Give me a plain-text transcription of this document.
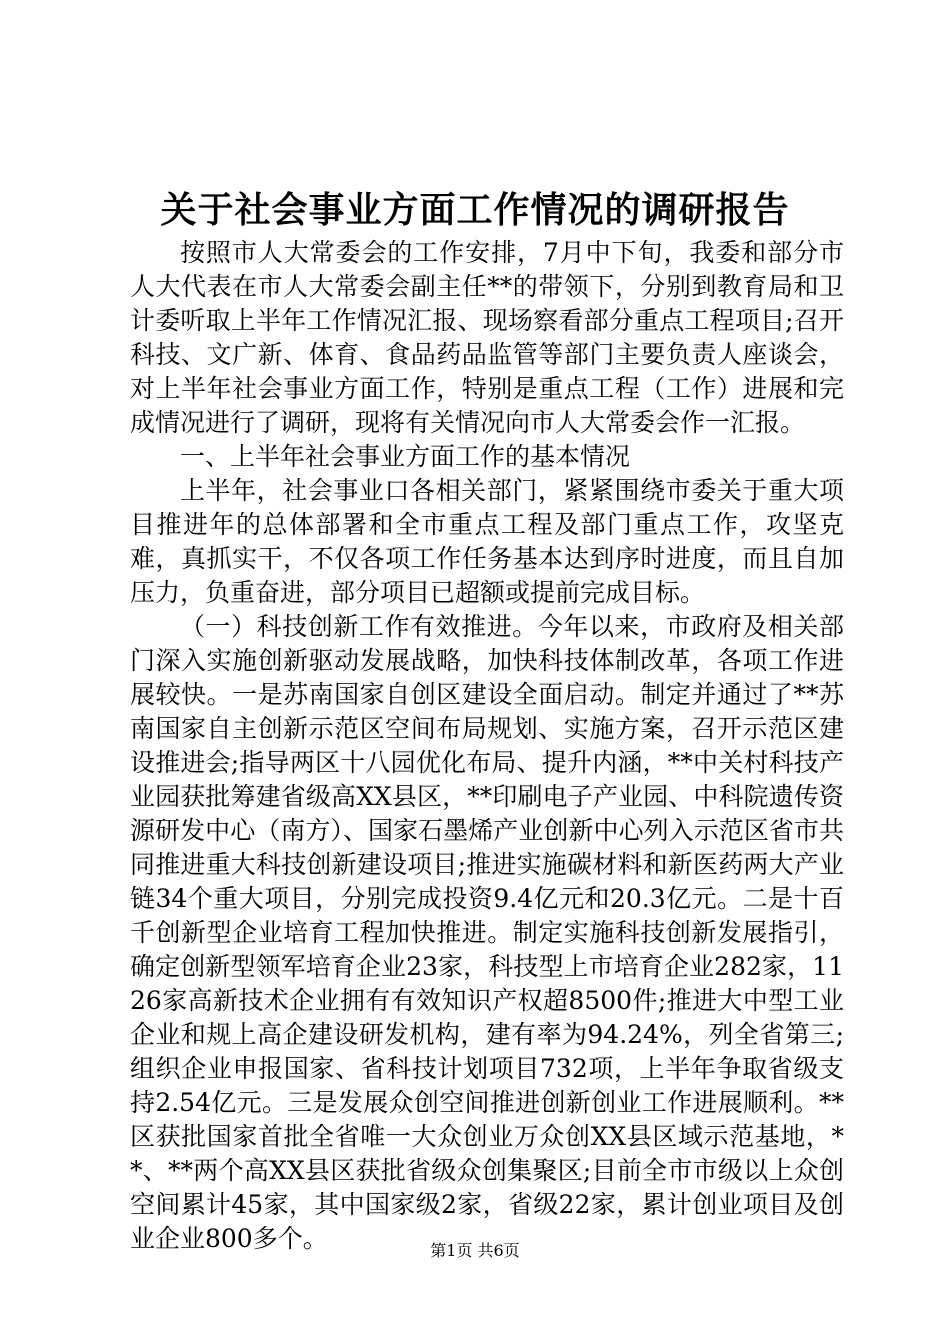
关于社会事业方面工作情况的调研报告

按照市人大常委会的工作安排，7月中下旬，我委和部分市人大代表在市人大常委会副主任**的带领下，分别到教育局和卫计委听取上半年工作情况汇报、现场察看部分重点工程项目;召开科技、文广新、体育、食品药品监管等部门主要负责人座谈会，对上半年社会事业方面工作，特别是重点工程（工作）进展和完成情况进行了调研，现将有关情况向市人大常委会作一汇报。

一、上半年社会事业方面工作的基本情况

上半年，社会事业口各相关部门，紧紧围绕市委关于重大项目推进年的总体部署和全市重点工程及部门重点工作，攻坚克难，真抓实干，不仅各项工作任务基本达到序时进度，而且自加压力，负重奋进，部分项目已超额或提前完成目标。

（一）科技创新工作有效推进。今年以来，市政府及相关部门深入实施创新驱动发展战略，加快科技体制改革，各项工作进展较快。一是苏南国家自创区建设全面启动。制定并通过了**苏南国家自主创新示范区空间布局规划、实施方案，召开示范区建设推进会;指导两区十八园优化布局、提升内涵，**中关村科技产业园获批筹建省级高XX县区，**印刷电子产业园、中科院遗传资源研发中心（南方）、国家石墨烯产业创新中心列入示范区省市共同推进重大科技创新建设项目;推进实施碳材料和新医药两大产业链34个重大项目，分别完成投资9.4亿元和20.3亿元。二是十百千创新型企业培育工程加快推进。制定实施科技创新发展指引，确定创新型领军培育企业23家，科技型上市培育企业282家，1126家高新技术企业拥有有效知识产权超8500件;推进大中型工业企业和规上高企建设研发机构，建有率为94.24%，列全省第三;组织企业申报国家、省科技计划项目732项，上半年争取省级支持2.54亿元。三是发展众创空间推进创新创业工作进展顺利。**区获批国家首批全省唯一大众创业万众创XX县区域示范基地，**、**两个高XX县区获批省级众创集聚区;目前全市市级以上众创空间累计45家，其中国家级2家，省级22家，累计创业项目及创业企业800多个。	第1页 共6页
